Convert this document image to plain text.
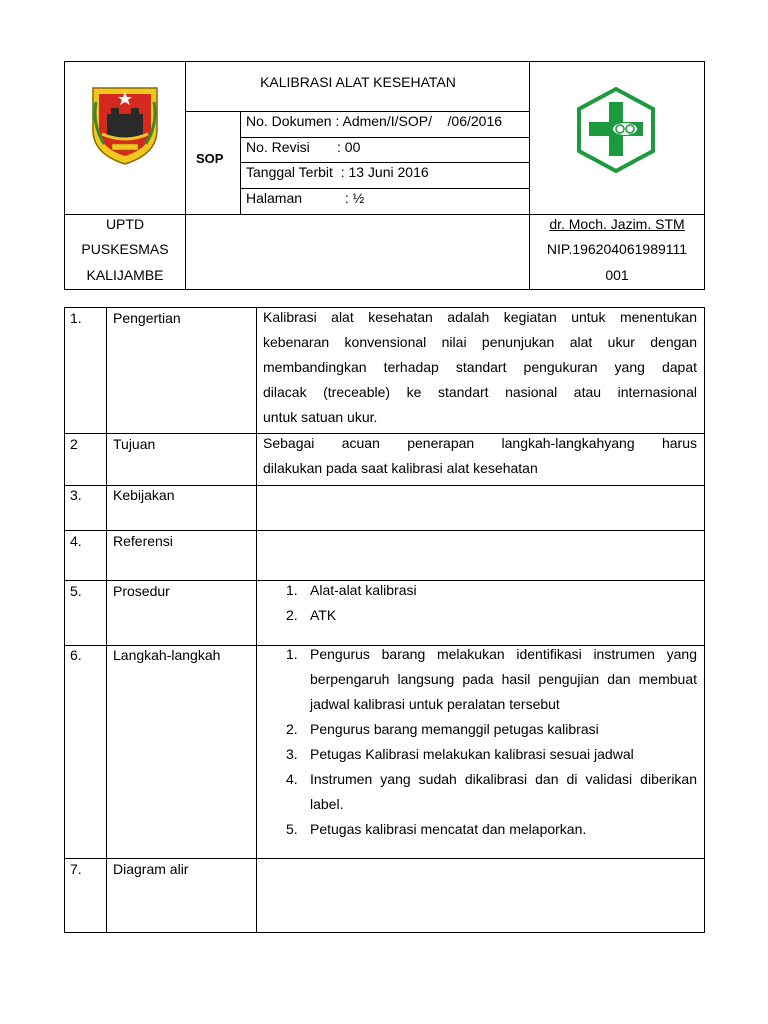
KALIBRASI ALAT KESEHATAN
SOP
No. Dokumen : Admen/I/SOP/    /06/2016
No. Revisi       : 00
Tanggal Terbit  : 13 Juni 2016
Halaman           : ½
UPTD
PUSKESMAS
KALIJAMBE
dr. Moch. Jazim. STM
NIP.196204061989111
001
1. Pengertian	Kalibrasi alat kesehatan adalah kegiatan untuk menentukan
kebenaran konvensional nilai penunjukan alat ukur dengan
membandingkan terhadap standart pengukuran yang dapat
dilacak (treceable) ke standart nasional atau internasional
untuk satuan ukur.
2	Tujuan	Sebagai acuan penerapan langkah-langkahyang harus
dilakukan pada saat kalibrasi alat kesehatan
3. Kebijakan
4. Referensi
5. Prosedur	1. Alat-alat kalibrasi
2. ATK
6. Langkah-langkah	1. Pengurus barang melakukan identifikasi instrumen yang berpengaruh langsung pada hasil pengujian dan membuat jadwal kalibrasi untuk peralatan tersebut
2. Pengurus barang memanggil petugas kalibrasi
3. Petugas Kalibrasi melakukan kalibrasi sesuai jadwal
4. Instrumen yang sudah dikalibrasi dan di validasi diberikan label.
5. Petugas kalibrasi mencatat dan melaporkan.
7. Diagram alir
